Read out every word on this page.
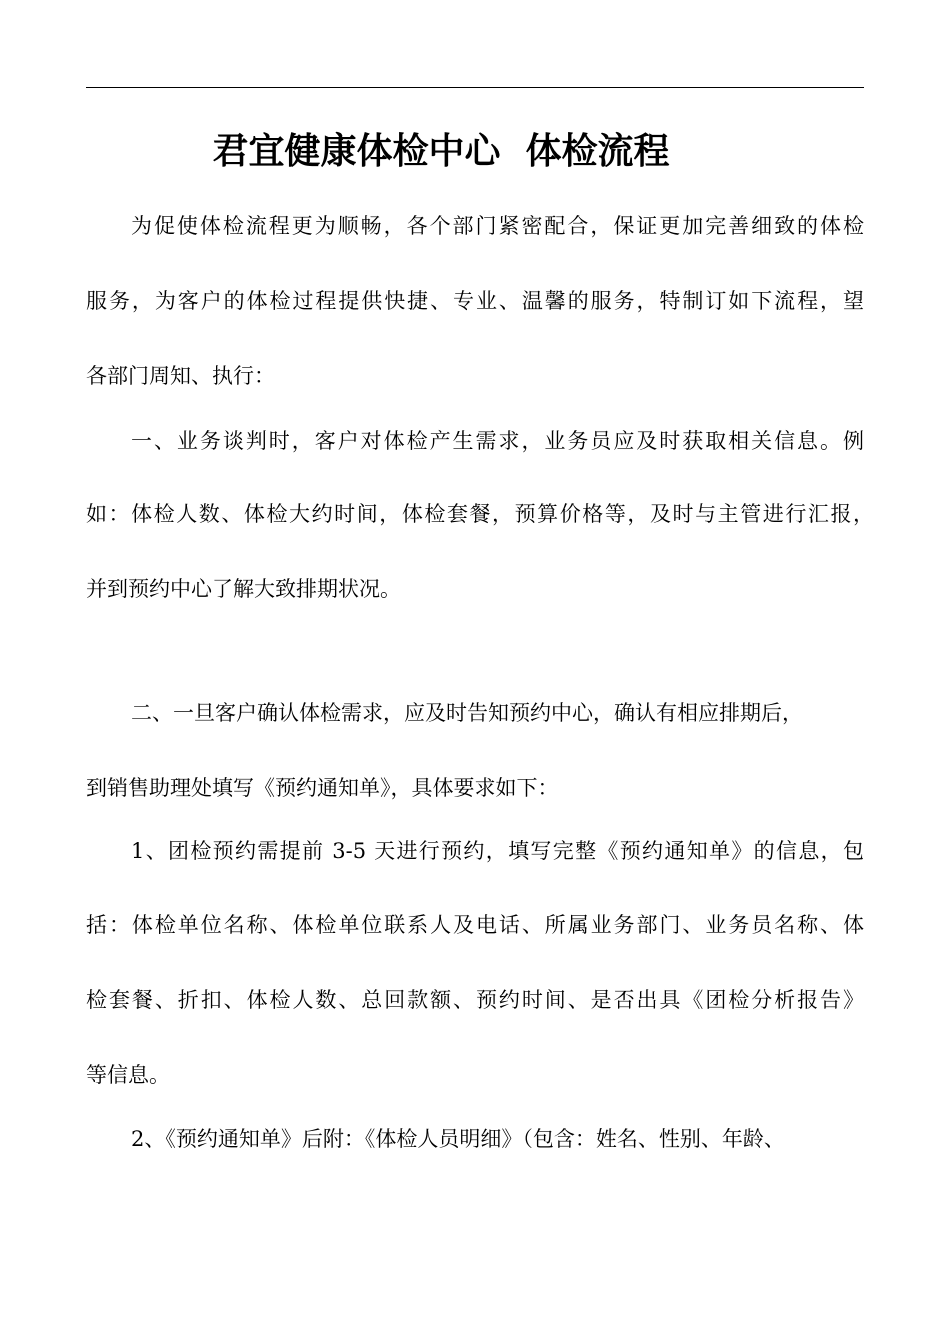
君宜健康体检中心  体检流程
为促使体检流程更为顺畅，各个部门紧密配合，保证更加完善细致的体检
服务，为客户的体检过程提供快捷、专业、温馨的服务，特制订如下流程，望
各部门周知、执行：
一、业务谈判时，客户对体检产生需求，业务员应及时获取相关信息。例
如：体检人数、体检大约时间，体检套餐，预算价格等，及时与主管进行汇报，
并到预约中心了解大致排期状况。
二、一旦客户确认体检需求，应及时告知预约中心，确认有相应排期后，
到销售助理处填写《预约通知单》，具体要求如下：
1、团检预约需提前 3-5 天进行预约，填写完整《预约通知单》的信息，包
括：体检单位名称、体检单位联系人及电话、所属业务部门、业务员名称、体
检套餐、折扣、体检人数、总回款额、预约时间、是否出具《团检分析报告》
等信息。
2、《预约通知单》后附：《体检人员明细》（包含：姓名、性别、年龄、
